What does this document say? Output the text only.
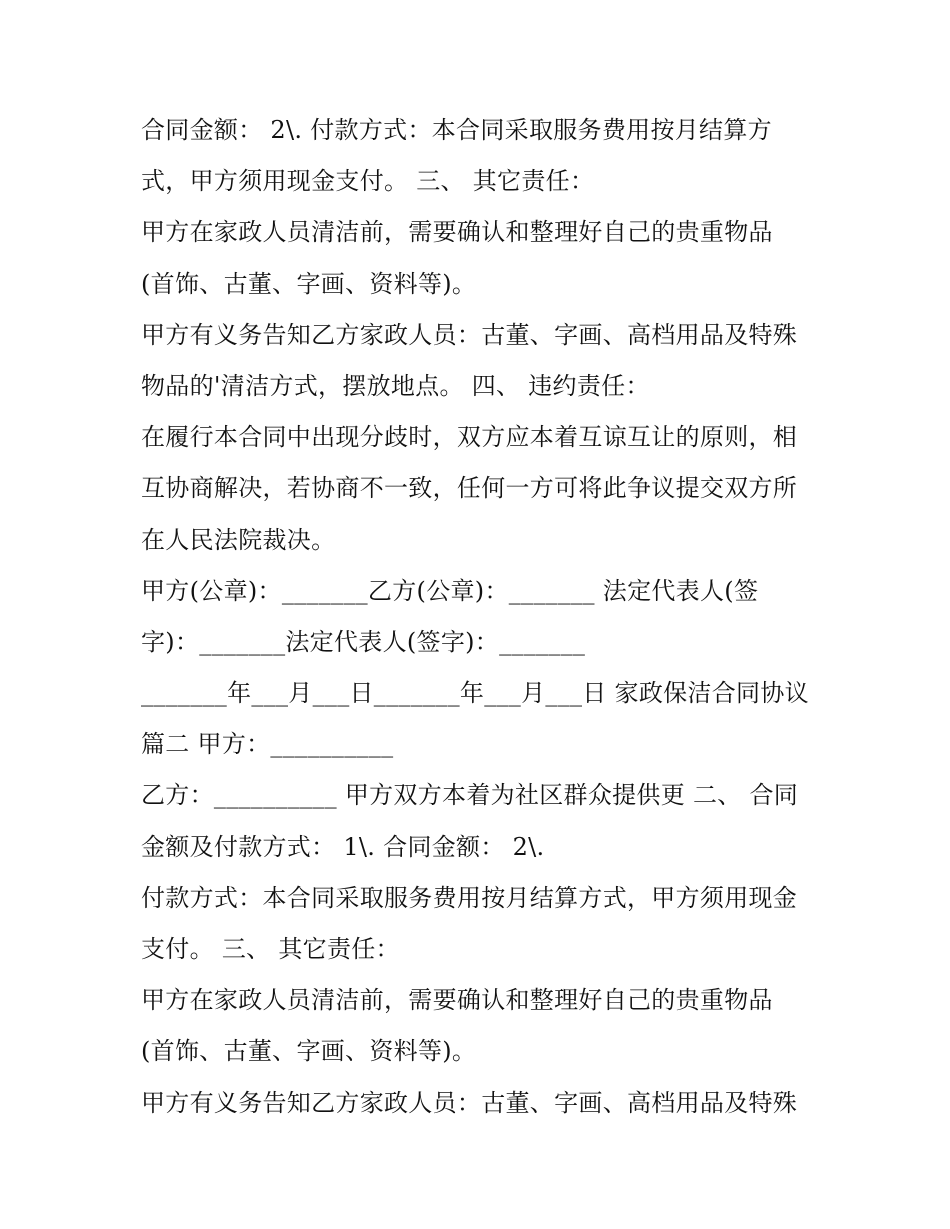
合同金额： 2\. 付款方式：本合同采取服务费用按月结算方
式，甲方须用现金支付。 三、 其它责任：
甲方在家政人员清洁前，需要确认和整理好自己的贵重物品
(首饰、古董、字画、资料等)。
甲方有义务告知乙方家政人员：古董、字画、高档用品及特殊
物品的'清洁方式，摆放地点。 四、 违约责任：
在履行本合同中出现分歧时，双方应本着互谅互让的原则，相
互协商解决，若协商不一致，任何一方可将此争议提交双方所
在人民法院裁决。
甲方(公章)：_______乙方(公章)：_______ 法定代表人(签
字)：_______法定代表人(签字)：_______
_______年___月___日_______年___月___日 家政保洁合同协议
篇二 甲方：__________
乙方：__________ 甲方双方本着为社区群众提供更 二、 合同
金额及付款方式： 1\. 合同金额： 2\.
付款方式：本合同采取服务费用按月结算方式，甲方须用现金
支付。 三、 其它责任：
甲方在家政人员清洁前，需要确认和整理好自己的贵重物品
(首饰、古董、字画、资料等)。
甲方有义务告知乙方家政人员：古董、字画、高档用品及特殊
